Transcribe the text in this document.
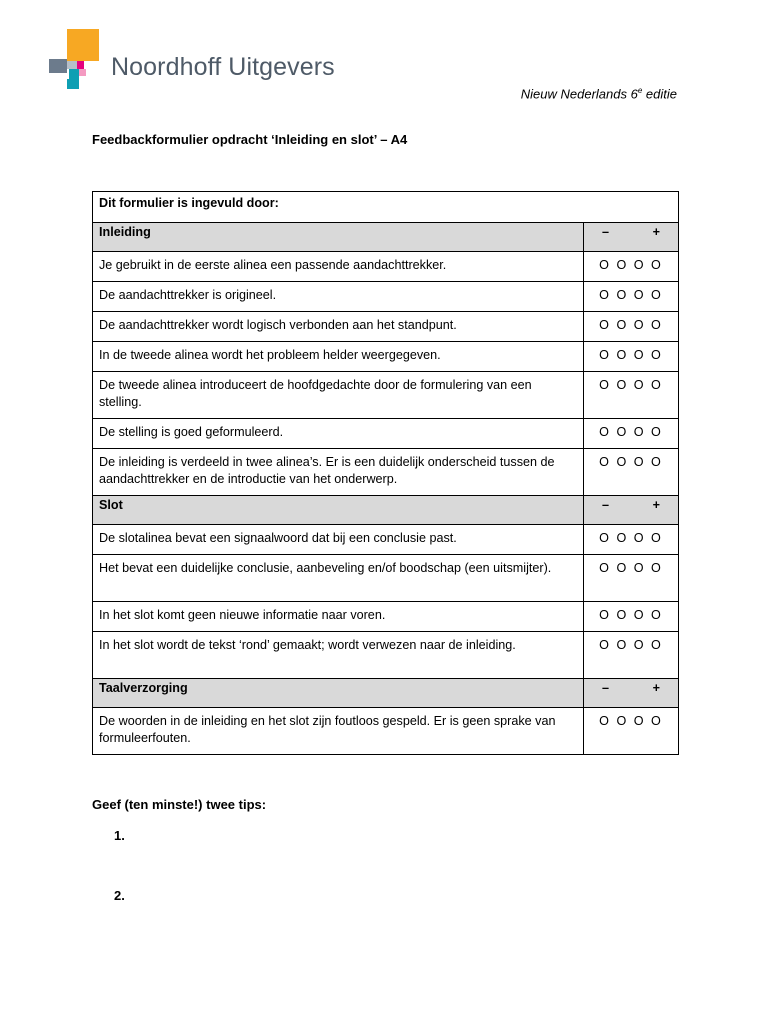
Noordhoff Uitgevers
Nieuw Nederlands 6e editie
Feedbackformulier opdracht ‘Inleiding en slot’ – A4
Dit formulier is ingevuld door:	
Inleiding	– +

Je gebruikt in de eerste alinea een passende aandachttrekker.	O O O O
De aandachttrekker is origineel.	O O O O
De aandachttrekker wordt logisch verbonden aan het standpunt.	O O O O
In de tweede alinea wordt het probleem helder weergegeven.	O O O O
De tweede alinea introduceert de hoofdgedachte door de formulering van een stelling.	O O O O
De stelling is goed geformuleerd.	O O O O
De inleiding is verdeeld in twee alinea’s. Er is een duidelijk onderscheid tussen de aandachttrekker en de introductie van het onderwerp.	O O O O
Slot	– +

De slotalinea bevat een signaalwoord dat bij een conclusie past.	O O O O
Het bevat een duidelijke conclusie, aanbeveling en/of boodschap (een uitsmijter).	O O O O
In het slot komt geen nieuwe informatie naar voren.	O O O O
In het slot wordt de tekst ‘rond’ gemaakt; wordt verwezen naar de inleiding.	O O O O
Taalverzorging	– +

De woorden in de inleiding en het slot zijn foutloos gespeld. Er is geen sprake van formuleerfouten.	O O O O
Geef (ten minste!) twee tips:
1.
2.
